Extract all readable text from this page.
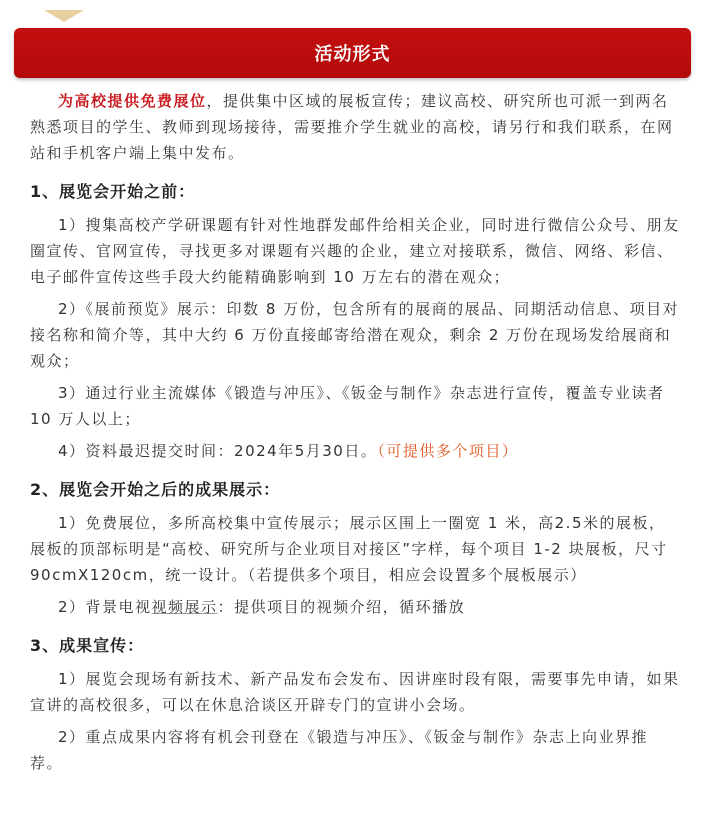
活动形式

为高校提供免费展位，提供集中区域的展板宣传；建议高校、研究所也可派一到两名熟悉项目的学生、教师到现场接待，需要推介学生就业的高校，请另行和我们联系，在网站和手机客户端上集中发布。

1、展览会开始之前：

1）搜集高校产学研课题有针对性地群发邮件给相关企业，同时进行微信公众号、朋友圈宣传、官网宣传，寻找更多对课题有兴趣的企业，建立对接联系，微信、网络、彩信、电子邮件宣传这些手段大约能精确影响到 10 万左右的潜在观众；

2）《展前预览》展示：印数 8 万份，包含所有的展商的展品、同期活动信息、项目对接名称和简介等，其中大约 6 万份直接邮寄给潜在观众，剩余 2 万份在现场发给展商和观众；

3）通过行业主流媒体《锻造与冲压》、《钣金与制作》杂志进行宣传，覆盖专业读者 10 万人以上；

4）资料最迟提交时间：2024年5月30日。（可提供多个项目）

2、展览会开始之后的成果展示：

1）免费展位，多所高校集中宣传展示；展示区围上一圈宽 1 米，高2.5米的展板，展板的顶部标明是“高校、研究所与企业项目对接区”字样，每个项目 1-2 块展板，尺寸 90cmX120cm，统一设计。（若提供多个项目，相应会设置多个展板展示）

2）背景电视视频展示：提供项目的视频介绍，循环播放

3、成果宣传：

1）展览会现场有新技术、新产品发布会发布、因讲座时段有限，需要事先申请，如果宣讲的高校很多，可以在休息洽谈区开辟专门的宣讲小会场。

2）重点成果内容将有机会刊登在《锻造与冲压》、《钣金与制作》杂志上向业界推荐。
